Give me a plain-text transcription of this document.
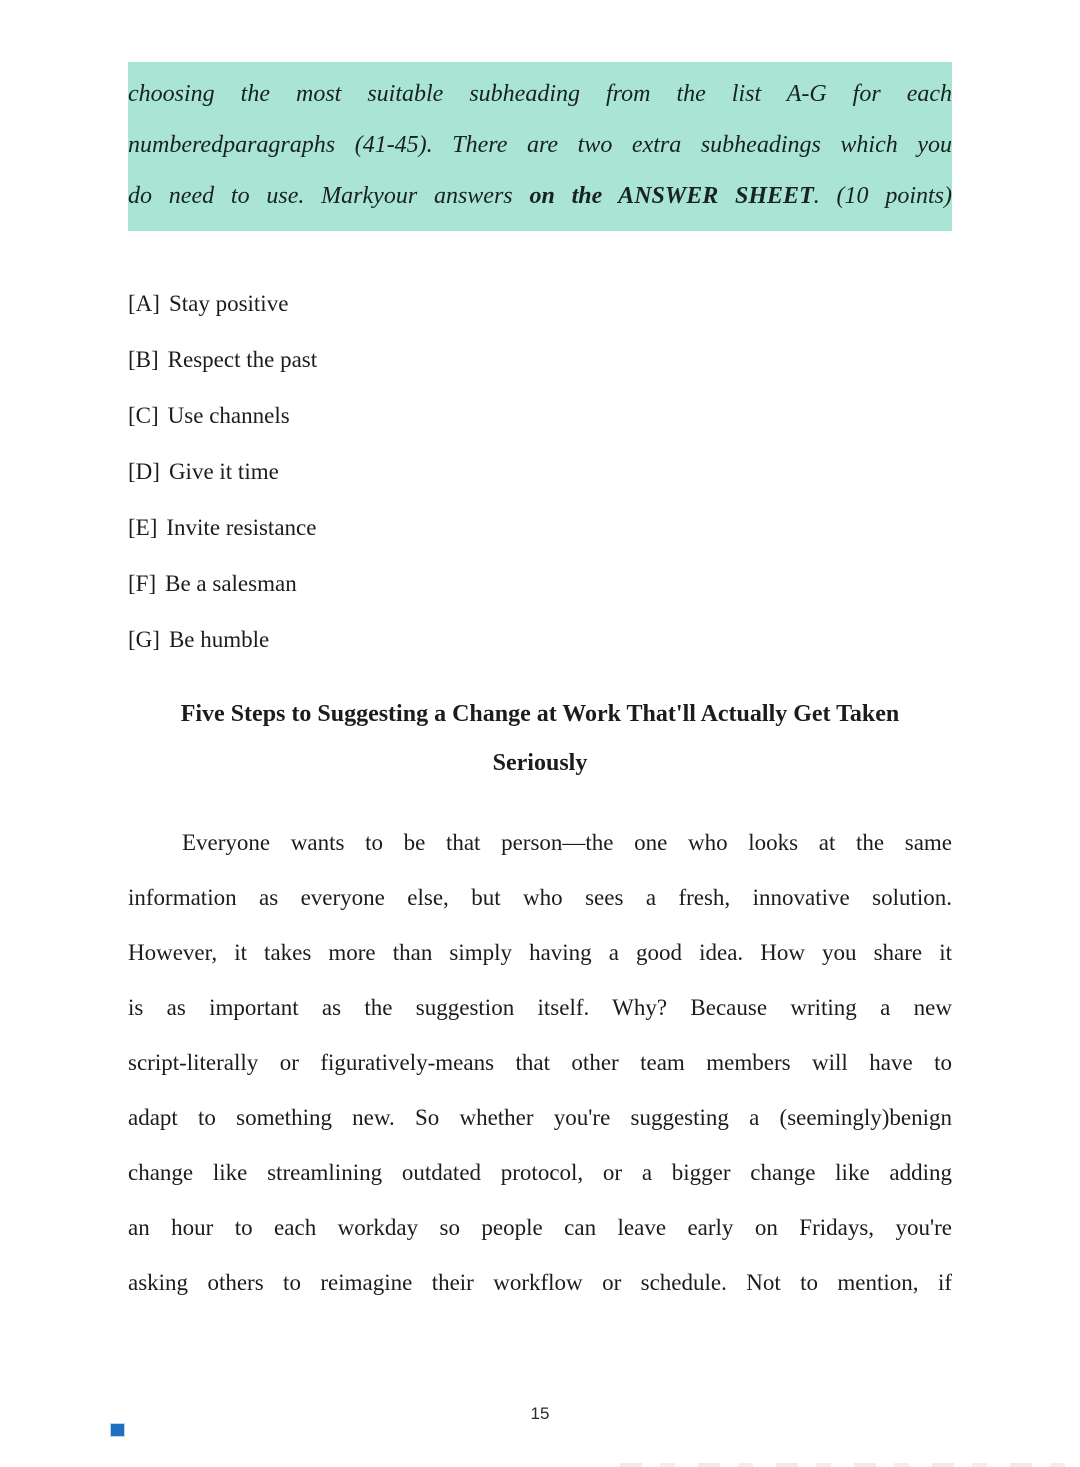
choosing the most suitable subheading from the list A-G for each
numberedparagraphs (41-45). There are two extra subheadings which you
do need to use. Markyour answers on the ANSWER SHEET. (10 points)
[A] Stay positive
[B] Respect the past
[C] Use channels
[D] Give it time
[E] Invite resistance
[F] Be a salesman
[G] Be humble
Five Steps to Suggesting a Change at Work That'll Actually Get Taken
Seriously
Everyone wants to be that person—the one who looks at the same
information as everyone else, but who sees a fresh, innovative solution.
However, it takes more than simply having a good idea. How you share it
is as important as the suggestion itself. Why? Because writing a new
script-literally or figuratively-means that other team members will have to
adapt to something new. So whether you're suggesting a (seemingly)benign
change like streamlining outdated protocol, or a bigger change like adding
an hour to each workday so people can leave early on Fridays, you're
asking others to reimagine their workflow or schedule. Not to mention, if
15
